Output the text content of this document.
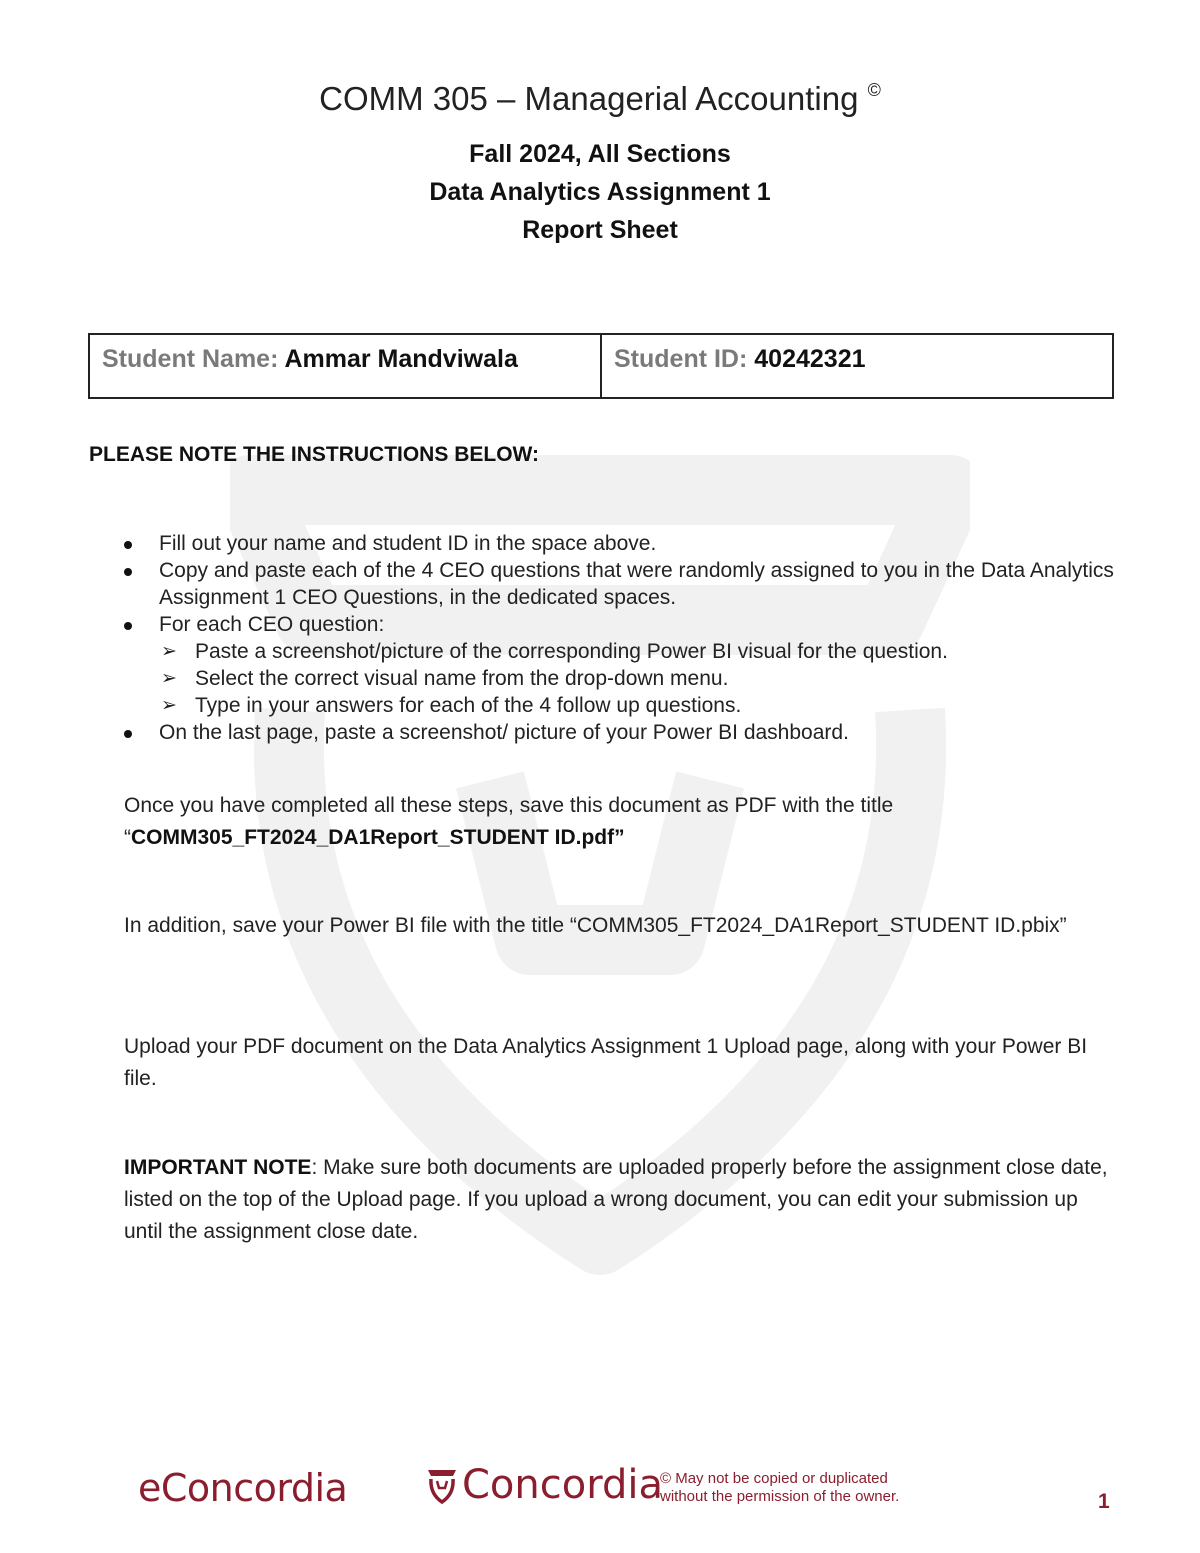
COMM 305 – Managerial Accounting ©
Fall 2024, All Sections
Data Analytics Assignment 1
Report Sheet
Student Name: Ammar Mandviwala	Student ID: 40242321
PLEASE NOTE THE INSTRUCTIONS BELOW:
Fill out your name and student ID in the space above.
Copy and paste each of the 4 CEO questions that were randomly assigned to you in the Data Analytics Assignment 1 CEO Questions, in the dedicated spaces.
For each CEO question:
➢ Paste a screenshot/picture of the corresponding Power BI visual for the question.
➢ Select the correct visual name from the drop-down menu.
➢ Type in your answers for each of the 4 follow up questions.
On the last page, paste a screenshot/ picture of your Power BI dashboard.
Once you have completed all these steps, save this document as PDF with the title
“COMM305_FT2024_DA1Report_STUDENT ID.pdf”
In addition, save your Power BI file with the title “COMM305_FT2024_DA1Report_STUDENT ID.pbix”
Upload your PDF document on the Data Analytics Assignment 1 Upload page, along with your Power BI file.
IMPORTANT NOTE: Make sure both documents are uploaded properly before the assignment close date, listed on the top of the Upload page. If you upload a wrong document, you can edit your submission up until the assignment close date.
eConcordia	Concordia
© May not be copied or duplicated
without the permission of the owner.	1
